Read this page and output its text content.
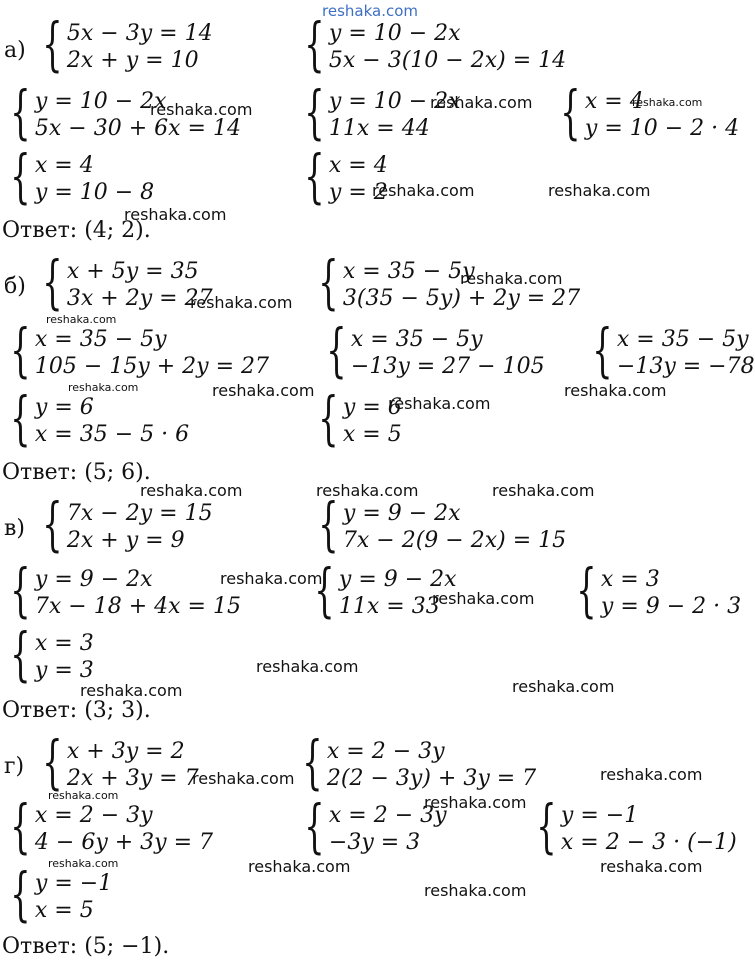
reshaka.com
а) { 5x − 3y = 14
2x + y = 10 { y = 10 − 2x
5x − 3(10 − 2x) = 14
{ y = 10 − 2x
5x − 30 + 6x = 14 { y = 10 − 2x
11x = 44	{ x = 4
y = 10 − 2 · 4
{ x = 4
y = 10 − 8	{ x = 4
y = 2
Ответ: (4; 2).
б) { x + 5y = 35
3x + 2y = 27 { x = 35 − 5y
3(35 − 5y) + 2y = 27
{ x = 35 − 5y
105 − 15y + 2y = 27 { x = 35 − 5y
−13y = 27 − 105 { x = 35 − 5y
−13y = −78
{ y = 6
x = 35 − 5 · 6 { y = 6
x = 5
Ответ: (5; 6).
в) { 7x − 2y = 15
2x + y = 9	{ y = 9 − 2x
7x − 2(9 − 2x) = 15
{ y = 9 − 2x
7x − 18 + 4x = 15 { y = 9 − 2x
11x = 33 { x = 3
y = 9 − 2 · 3
{ x = 3
y = 3
Ответ: (3; 3).
г) { x + 3y = 2
2x + 3y = 7 { x = 2 − 3y
2(2 − 3y) + 3y = 7
{ x = 2 − 3y
4 − 6y + 3y = 7 { x = 2 − 3y
−3y = 3	{ y = −1
x = 2 − 3 · (−1)
{ y = −1
x = 5
Ответ: (5; −1).
reshaka.com	reshaka.com	reshaka.com
reshaka.com	reshaka.com
reshaka.com
reshaka.com
reshaka.com
reshaka.com
reshaka.com	reshaka.com	reshaka.com
reshaka.com
reshaka.com	reshaka.com	reshaka.com
reshaka.com
reshaka.com
reshaka.com
reshaka.com	reshaka.com
reshaka.com	reshaka.com
reshaka.com	reshaka.com
reshaka.com	reshaka.com	reshaka.com
reshaka.com
